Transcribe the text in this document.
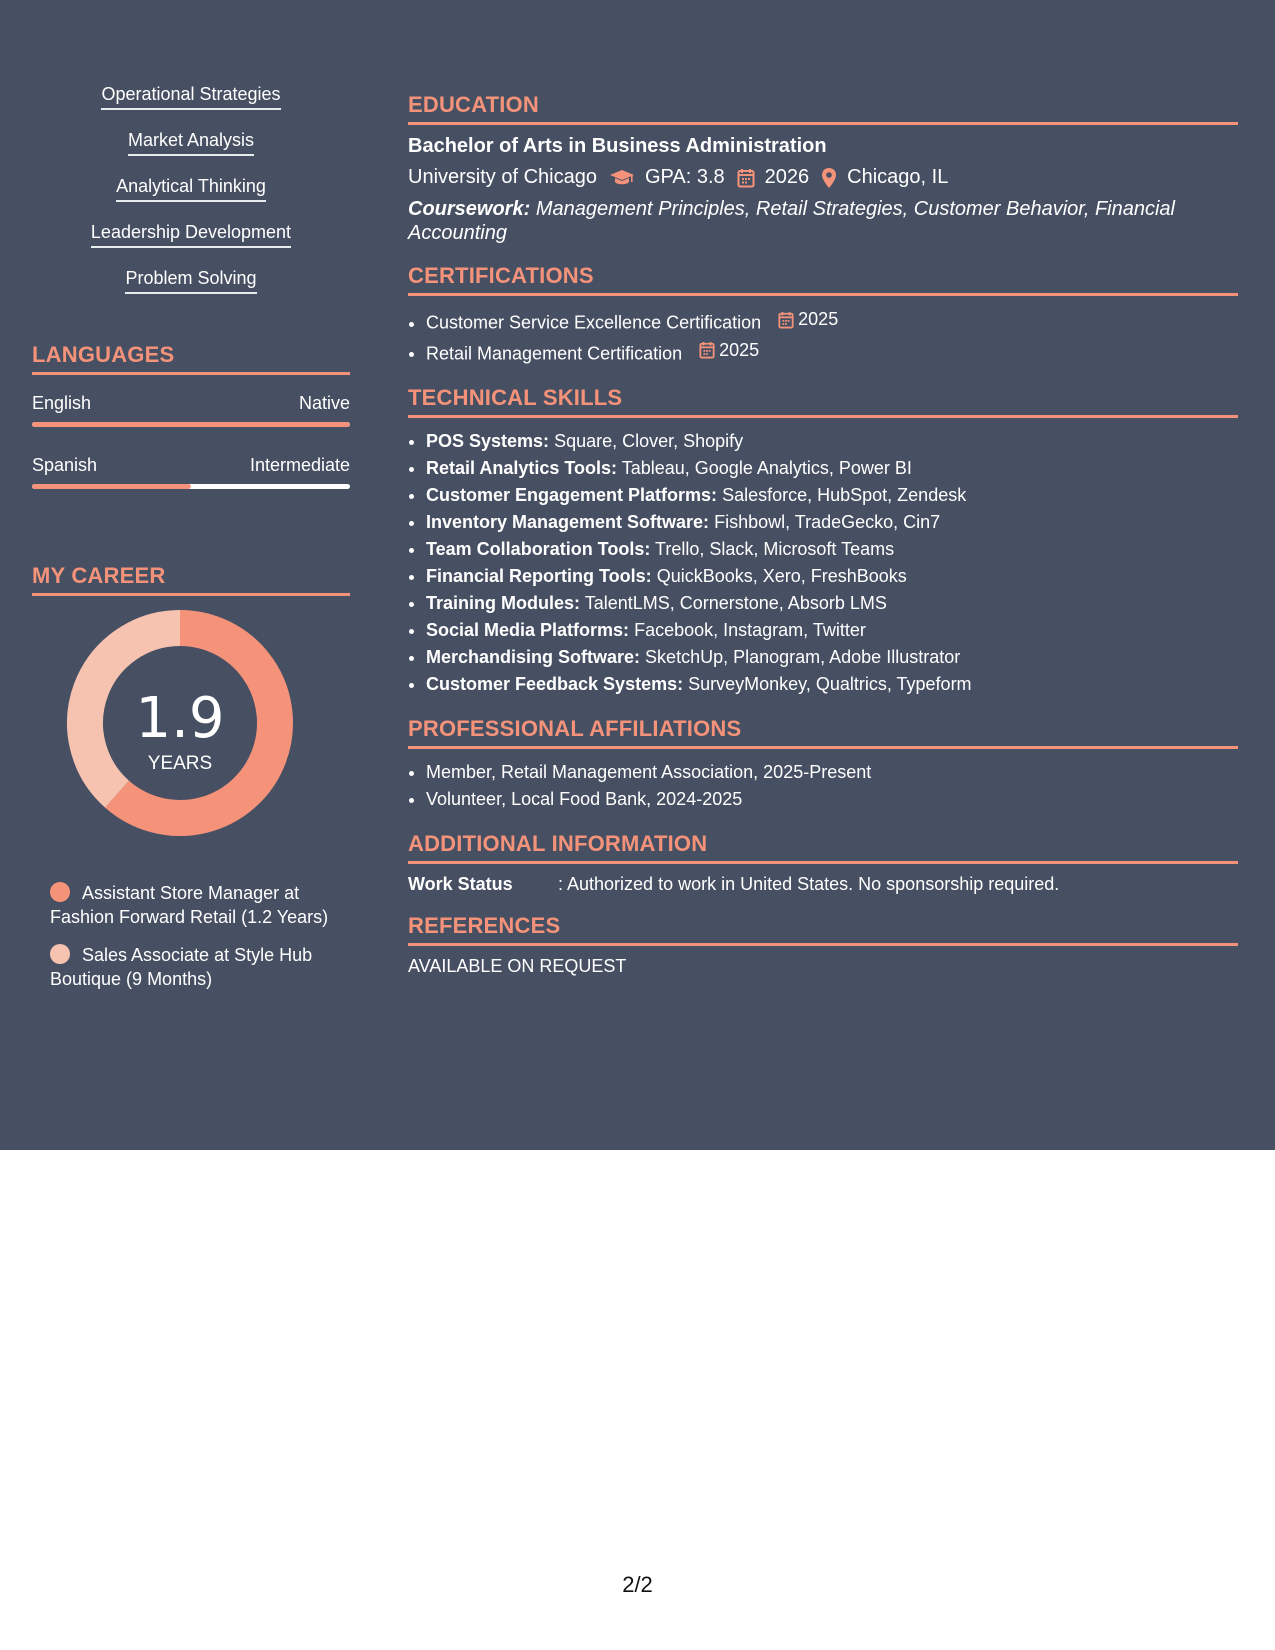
Operational Strategies
Market Analysis
Analytical Thinking
Leadership Development
Problem Solving
LANGUAGES
English	Native
Spanish	Intermediate
MY CAREER
1.9
YEARS
Assistant Store Manager at Fashion Forward Retail (1.2 Years)
Sales Associate at Style Hub Boutique (9 Months)
EDUCATION
Bachelor of Arts in Business Administration
University of Chicago GPA: 3.8 2026 Chicago, IL
Coursework: Management Principles, Retail Strategies, Customer Behavior, Financial Accounting
CERTIFICATIONS
• Customer Service Excellence Certification 2025
• Retail Management Certification 2025
TECHNICAL SKILLS
• POS Systems: Square, Clover, Shopify
• Retail Analytics Tools: Tableau, Google Analytics, Power BI
• Customer Engagement Platforms: Salesforce, HubSpot, Zendesk
• Inventory Management Software: Fishbowl, TradeGecko, Cin7
• Team Collaboration Tools: Trello, Slack, Microsoft Teams
• Financial Reporting Tools: QuickBooks, Xero, FreshBooks
• Training Modules: TalentLMS, Cornerstone, Absorb LMS
• Social Media Platforms: Facebook, Instagram, Twitter
• Merchandising Software: SketchUp, Planogram, Adobe Illustrator
• Customer Feedback Systems: SurveyMonkey, Qualtrics, Typeform
PROFESSIONAL AFFILIATIONS
• Member, Retail Management Association, 2025-Present
• Volunteer, Local Food Bank, 2024-2025
ADDITIONAL INFORMATION
Work Status	: Authorized to work in United States. No sponsorship required.
REFERENCES
AVAILABLE ON REQUEST
2/2
